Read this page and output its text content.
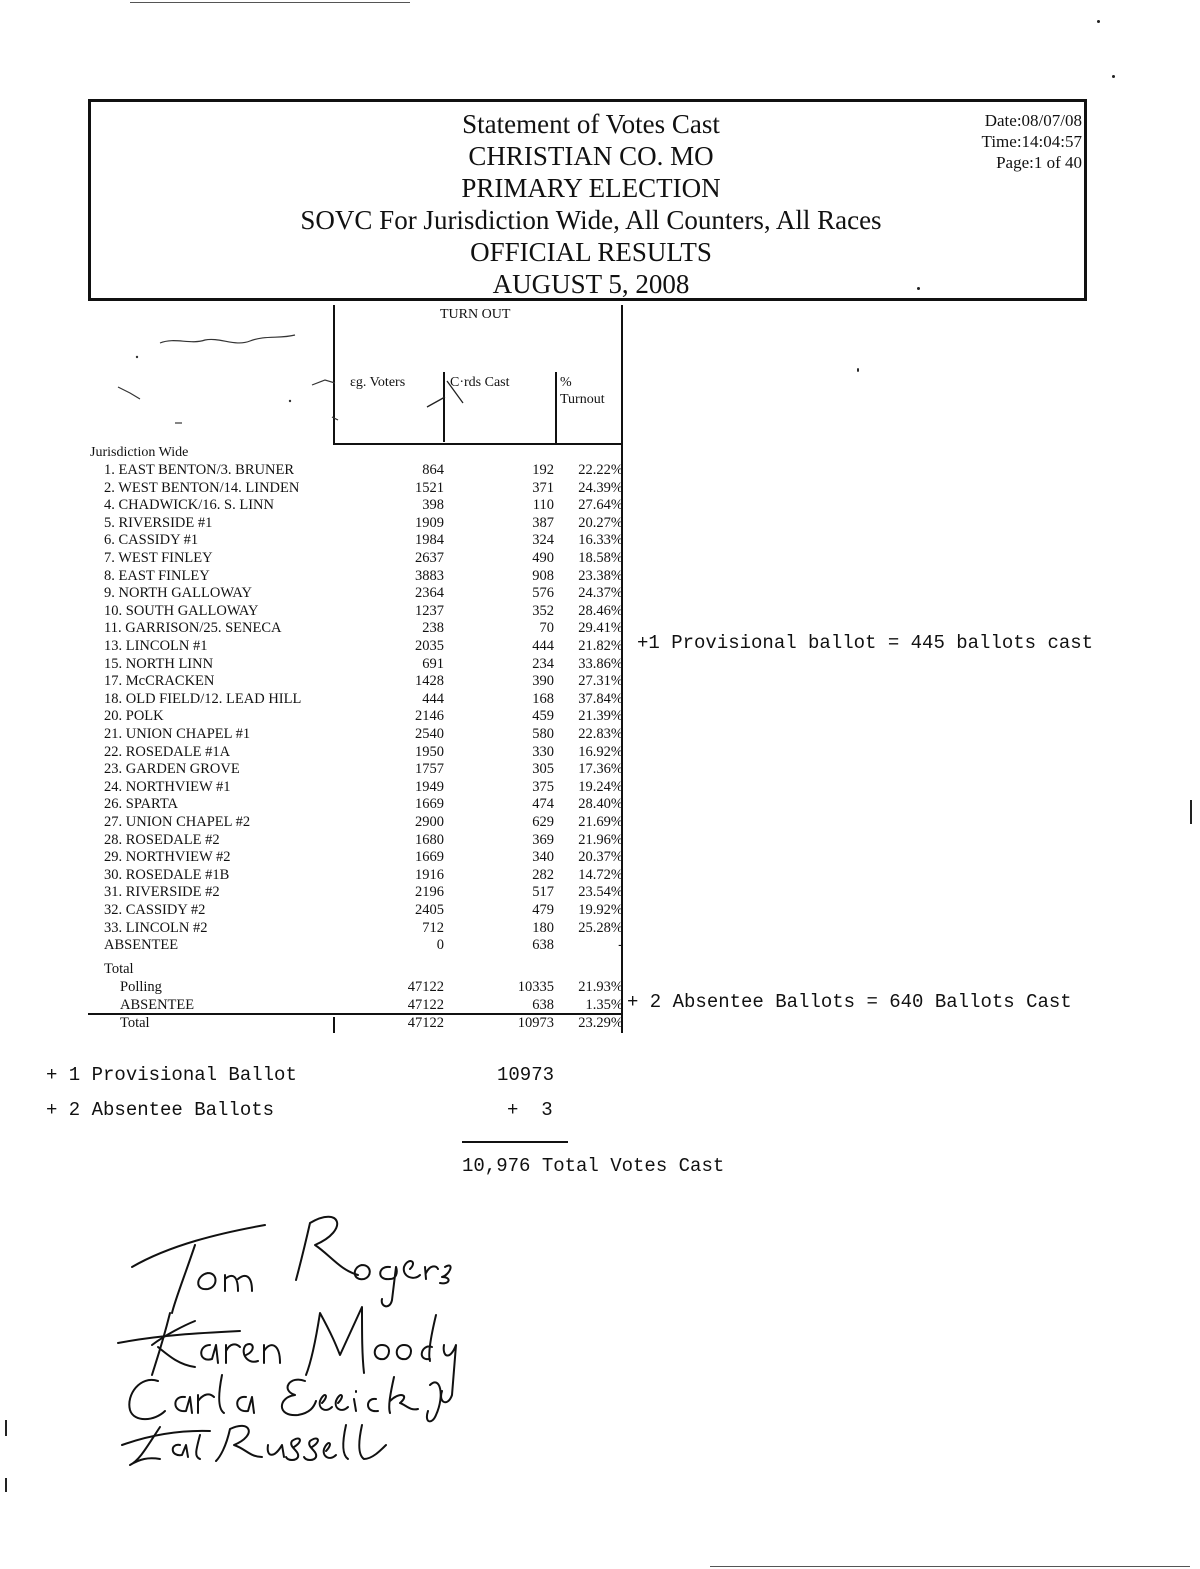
Statement of Votes Cast
CHRISTIAN CO. MO
PRIMARY ELECTION
SOVC For Jurisdiction Wide, All Counters, All Races
OFFICIAL RESULTS
AUGUST 5, 2008
Date:08/07/08
Time:14:04:57
Page:1 of 40
TURN OUT
ɛg. Voters	C·rds Cast	%
Turnout
Jurisdiction Wide
1. EAST BENTON/3. BRUNER	864	192 22.22%
2. WEST BENTON/14. LINDEN	1521	371 24.39%
4. CHADWICK/16. S. LINN	398	110 27.64%
5. RIVERSIDE #1	1909	387 20.27%
6. CASSIDY #1	1984	324 16.33%
7. WEST FINLEY	2637	490 18.58%
8. EAST FINLEY	3883	908 23.38%
9. NORTH GALLOWAY	2364	576 24.37%
10. SOUTH GALLOWAY	1237	352 28.46%
11. GARRISON/25. SENECA	238	70 29.41%
13. LINCOLN #1	2035	444 21.82%
15. NORTH LINN	691	234 33.86%
17. McCRACKEN	1428	390 27.31%
18. OLD FIELD/12. LEAD HILL	444	168 37.84%
20. POLK	2146	459 21.39%
21. UNION CHAPEL #1	2540	580 22.83%
22. ROSEDALE #1A	1950	330 16.92%
23. GARDEN GROVE	1757	305 17.36%
24. NORTHVIEW #1	1949	375 19.24%
26. SPARTA	1669	474 28.40%
27. UNION CHAPEL #2	2900	629 21.69%
28. ROSEDALE #2	1680	369 21.96%
29. NORTHVIEW #2	1669	340 20.37%
30. ROSEDALE #1B	1916	282 14.72%
31. RIVERSIDE #2	2196	517 23.54%
32. CASSIDY #2	2405	479 19.92%
33. LINCOLN #2	712	180 25.28%
ABSENTEE	0	638	-
Total
Polling	47122	10335 21.93%
ABSENTEE	47122	638 1.35%
Total	47122	10973 23.29%
+1 Provisional ballot = 445 ballots cast
+ 2 Absentee Ballots = 640 Ballots Cast
+ 1 Provisional Ballot	10973
+ 2 Absentee Ballots	+  3
10,976 Total Votes Cast
